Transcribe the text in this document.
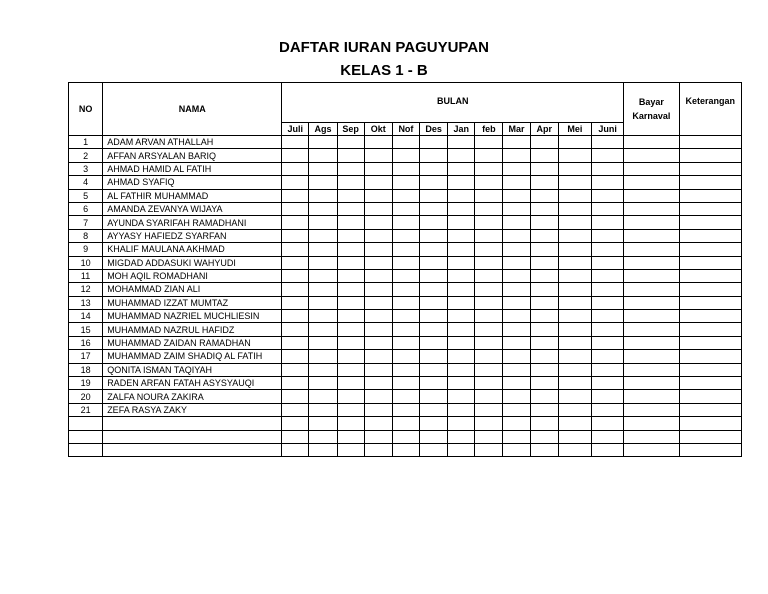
DAFTAR IURAN PAGUYUPAN
KELAS 1 - B
NO	NAMA	BULAN												Bayar Karnaval	Keterangan
		Juli	Ags	Sep	Okt	Nof	Des	Jan	feb	Mar	Apr	Mei	Juni		
1	ADAM ARVAN ATHALLAH														
2	AFFAN ARSYALAN BARIQ														
3	AHMAD HAMID AL FATIH														
4	AHMAD SYAFIQ														
5	AL FATHIR MUHAMMAD														
6	AMANDA ZEVANYA WIJAYA														
7	AYUNDA SYARIFAH RAMADHANI														
8	AYYASY HAFIEDZ SYARFAN														
9	KHALIF MAULANA AKHMAD														
10	MIGDAD ADDASUKI WAHYUDI														
11	MOH AQIL ROMADHANI														
12	MOHAMMAD ZIAN ALI														
13	MUHAMMAD IZZAT MUMTAZ														
14	MUHAMMAD NAZRIEL MUCHLIESIN														
15	MUHAMMAD NAZRUL HAFIDZ														
16	MUHAMMAD ZAIDAN RAMADHAN														
17	MUHAMMAD ZAIM SHADIQ AL FATIH														
18	QONITA ISMAN TAQIYAH														
19	RADEN ARFAN FATAH ASYSYAUQI														
20	ZALFA NOURA ZAKIRA														
21	ZEFA RASYA ZAKY														
